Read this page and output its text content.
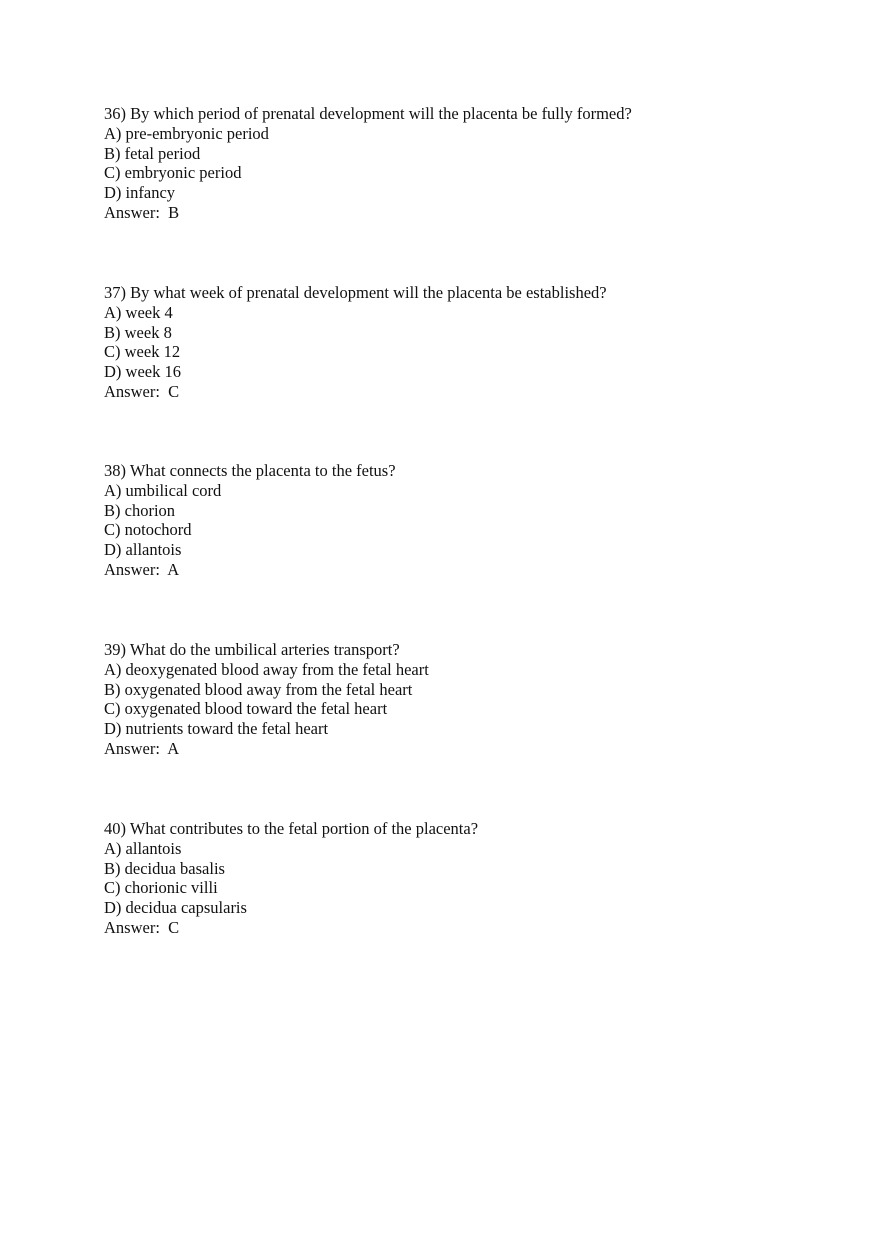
36) By which period of prenatal development will the placenta be fully formed?
A) pre-embryonic period
B) fetal period
C) embryonic period
D) infancy
Answer:  B
37) By what week of prenatal development will the placenta be established?
A) week 4
B) week 8
C) week 12
D) week 16
Answer:  C
38) What connects the placenta to the fetus?
A) umbilical cord
B) chorion
C) notochord
D) allantois
Answer:  A
39) What do the umbilical arteries transport?
A) deoxygenated blood away from the fetal heart
B) oxygenated blood away from the fetal heart
C) oxygenated blood toward the fetal heart
D) nutrients toward the fetal heart
Answer:  A
40) What contributes to the fetal portion of the placenta?
A) allantois
B) decidua basalis
C) chorionic villi
D) decidua capsularis
Answer:  C
